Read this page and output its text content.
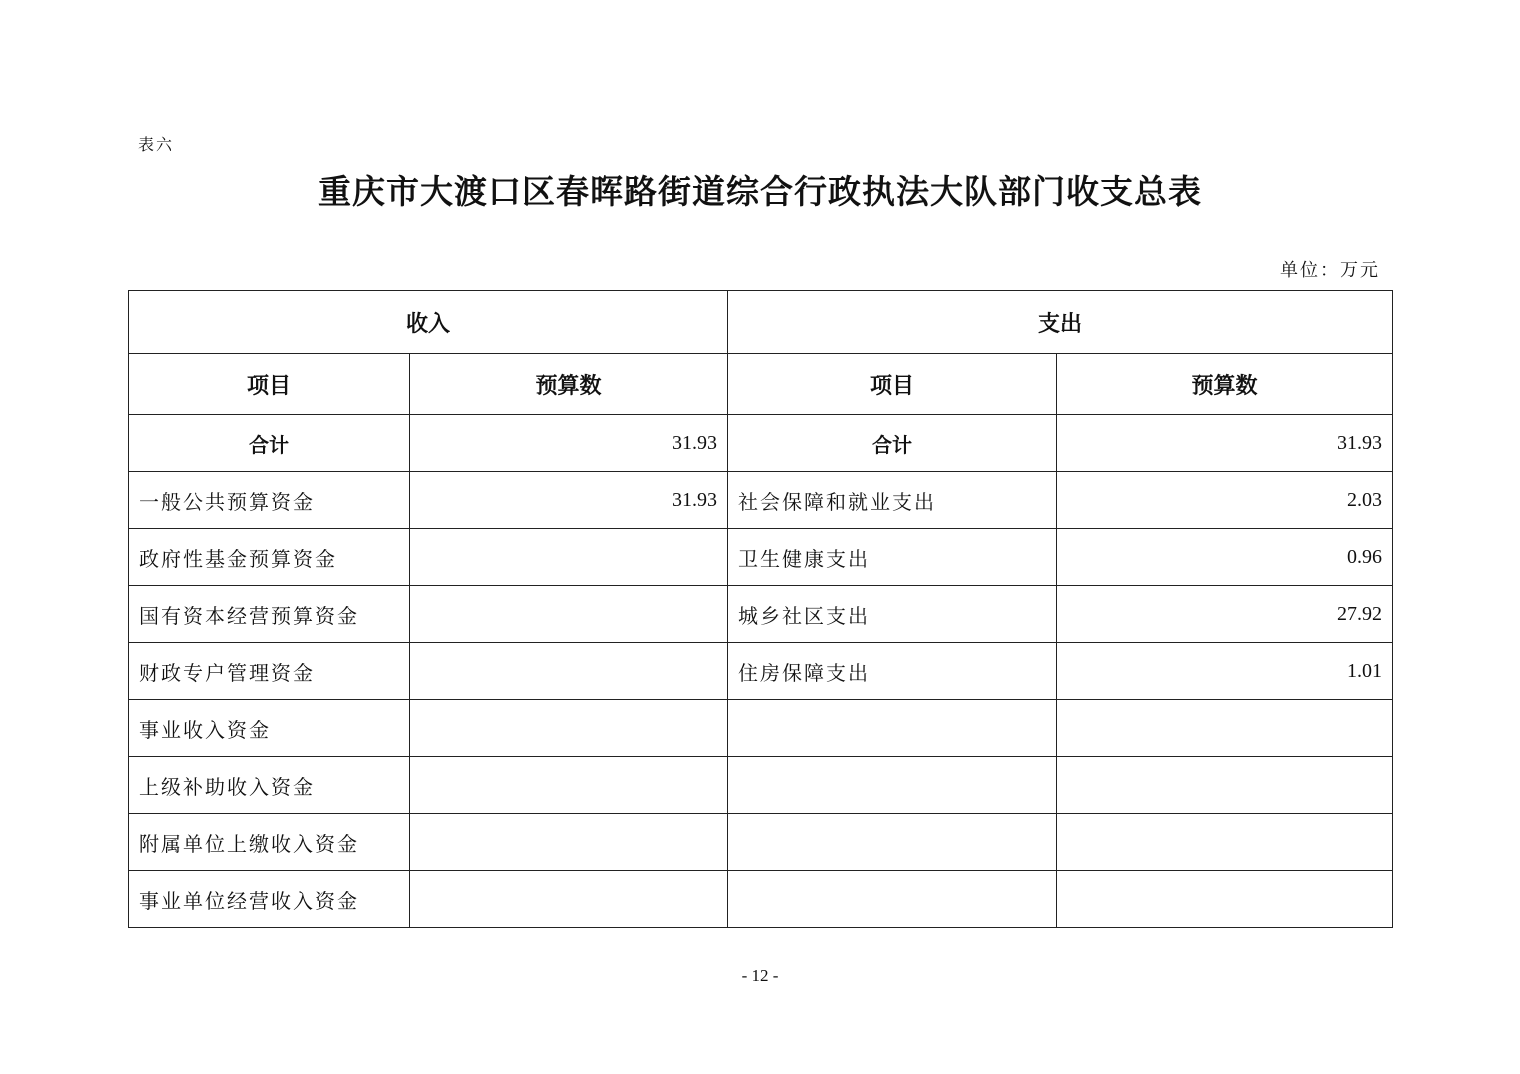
表六
重庆市大渡口区春晖路街道综合行政执法大队部门收支总表
单位：万元
收入		支出	
项目	预算数	项目	预算数
合计	31.93	合计	31.93
一般公共预算资金	31.93	社会保障和就业支出	2.03
政府性基金预算资金		卫生健康支出	0.96
国有资本经营预算资金		城乡社区支出	27.92
财政专户管理资金		住房保障支出	1.01
事业收入资金			
上级补助收入资金			
附属单位上缴收入资金			
事业单位经营收入资金			
- 12 -
